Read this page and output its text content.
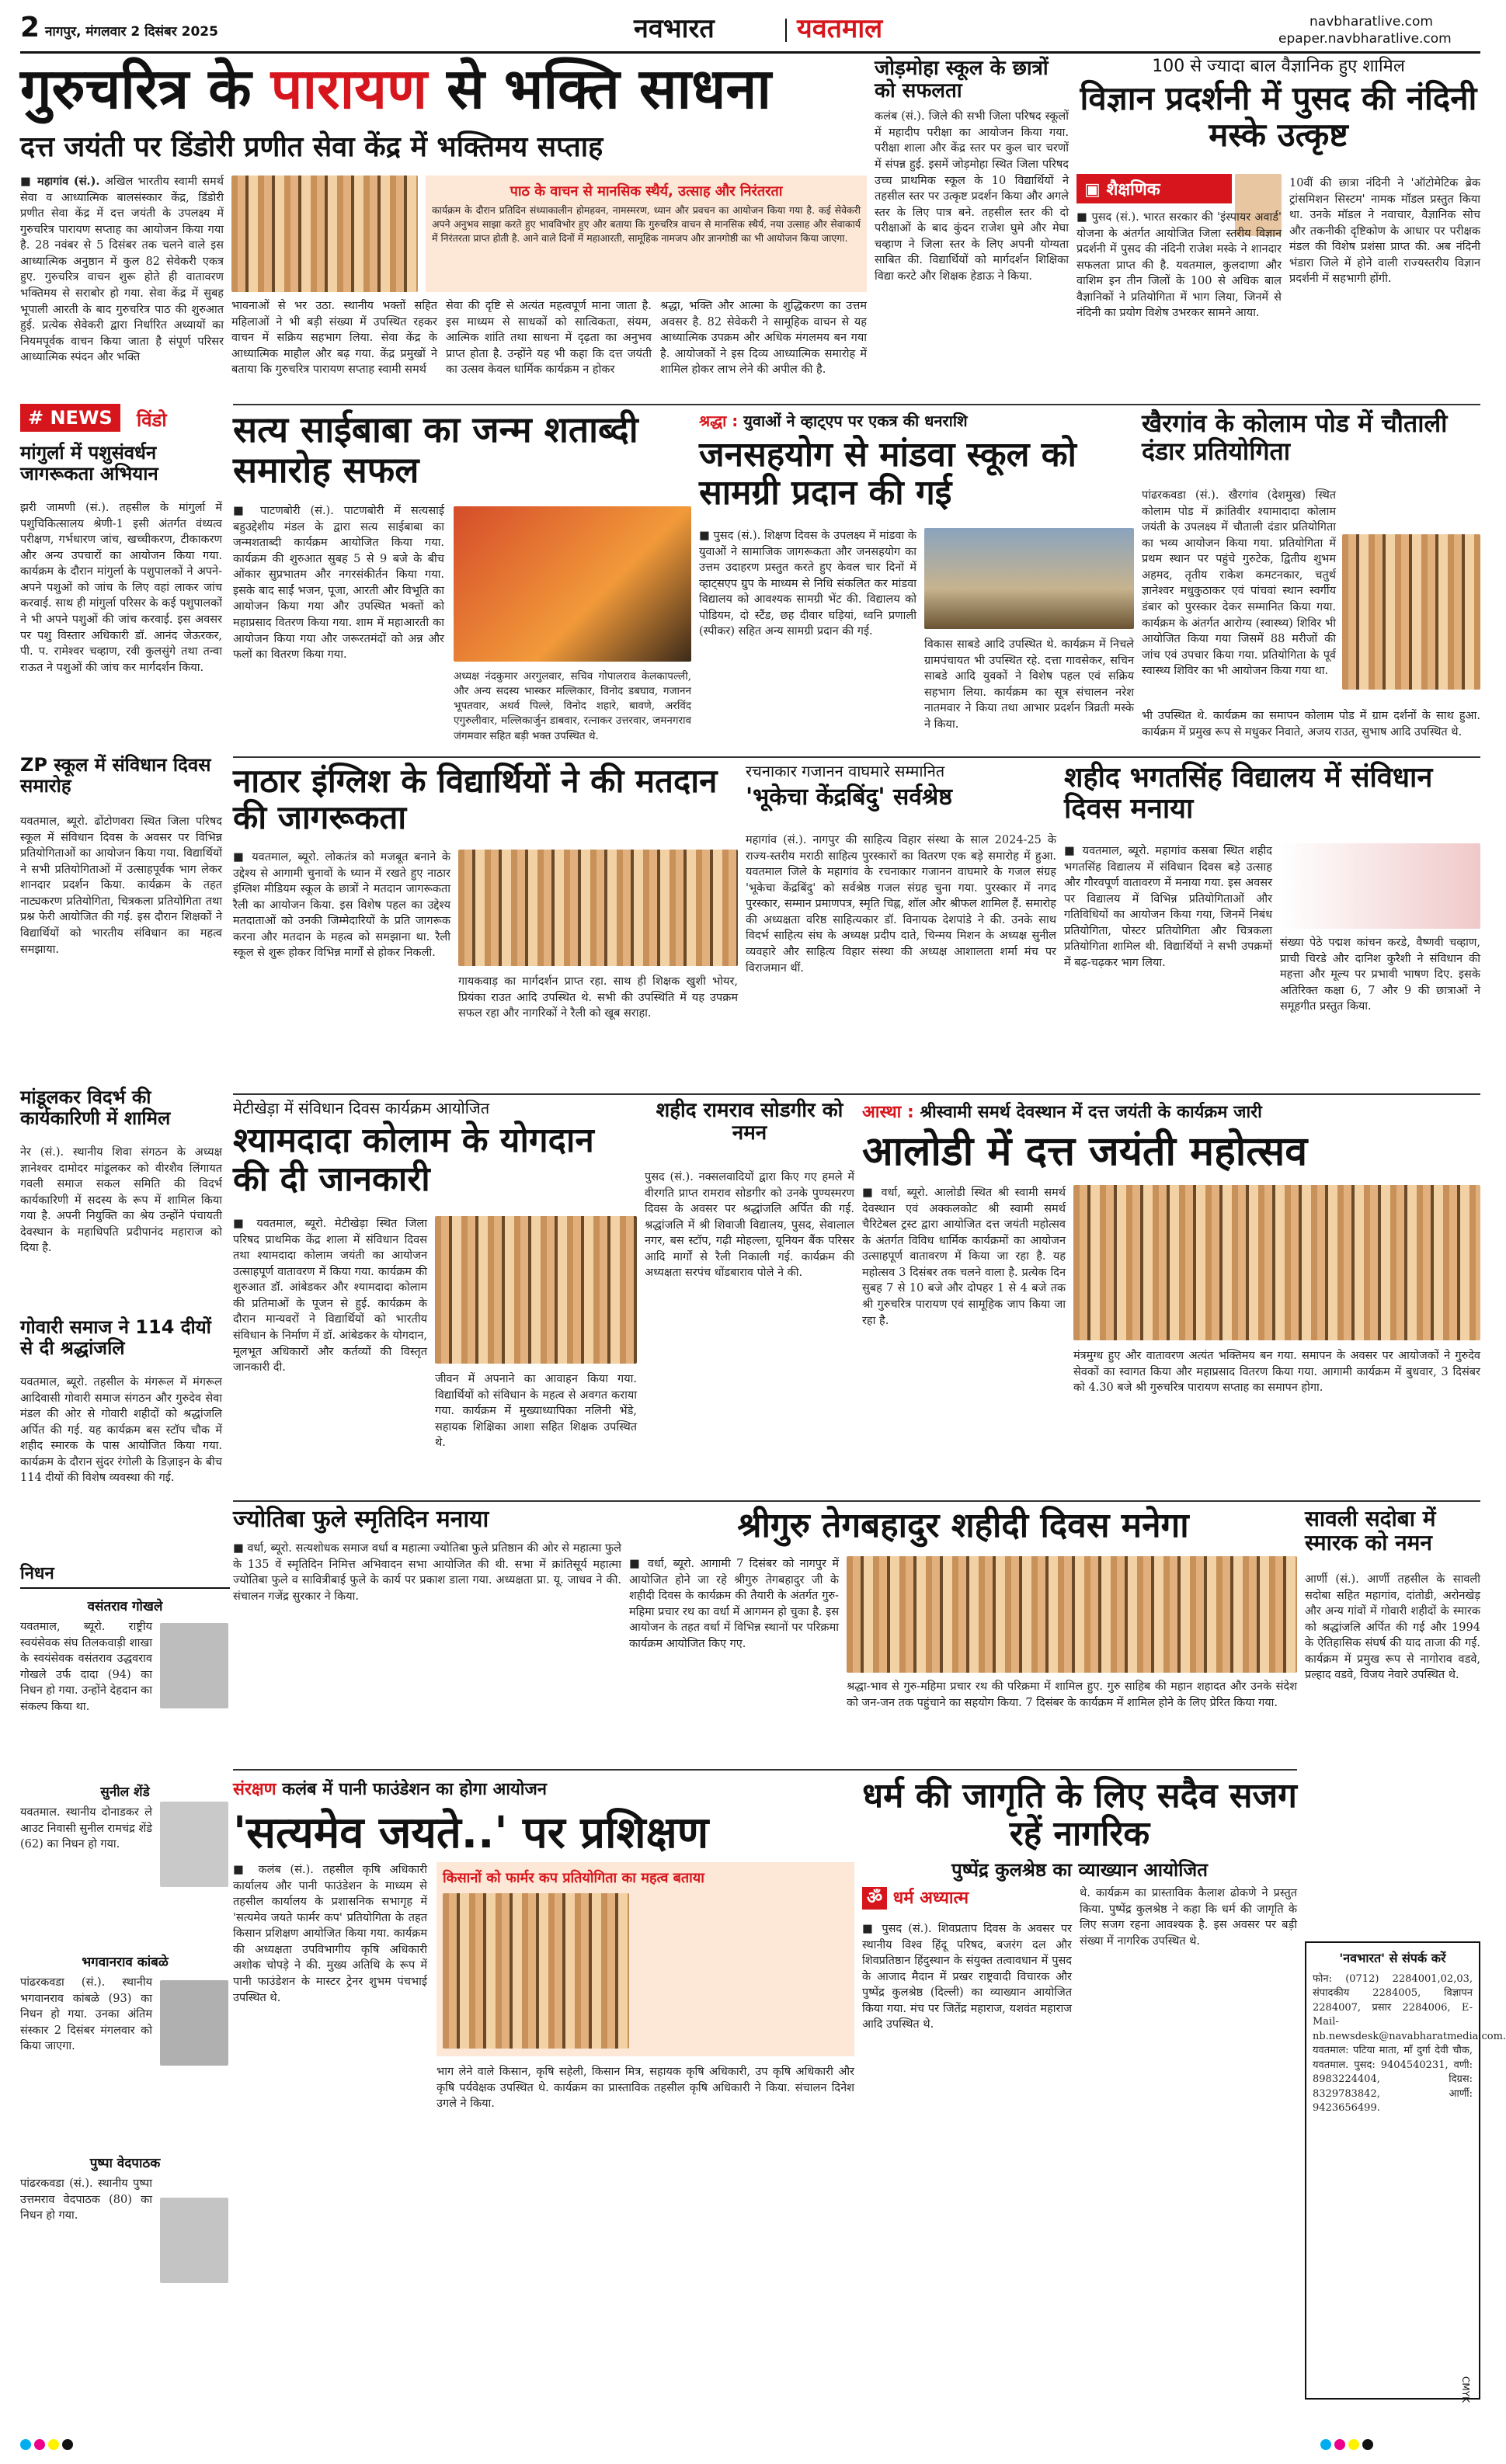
2 नागपुर, मंगलवार 2 दिसंबर 2025	नवभारत	यवतमाल	navbharatlive.com
epaper.navbharatlive.com
गुरुचरित्र के पारायण से भक्ति साधना
दत्त जयंती पर डिंडोरी प्रणीत सेवा केंद्र में भक्तिमय सप्ताह
■ महागांव (सं.). अखिल भारतीय स्वामी समर्थ सेवा व आध्यात्मिक बालसंस्कार केंद्र, डिंडोरी प्रणीत सेवा केंद्र में दत्त जयंती के उपलक्ष्य में गुरुचरित्र पारायण सप्ताह का आयोजन किया गया है. 28 नवंबर से 5 दिसंबर तक चलने वाले इस आध्यात्मिक अनुष्ठान में कुल 82 सेवेकरी एकत्र हुए. गुरुचरित्र वाचन शुरू होते ही वातावरण भक्तिमय से सराबोर हो गया. सेवा केंद्र में सुबह भूपाली आरती के बाद गुरुचरित्र पाठ की शुरुआत हुई. प्रत्येक सेवेकरी द्वारा निर्धारित अध्यायों का नियमपूर्वक वाचन किया जाता है संपूर्ण परिसर आध्यात्मिक स्पंदन और भक्ति
पाठ के वाचन से मानसिक स्थैर्य, उत्साह और निरंतरता
कार्यक्रम के दौरान प्रतिदिन संध्याकालीन होमहवन, नामस्मरण, ध्यान और प्रवचन का आयोजन किया गया है. कई सेवेकरी अपने अनुभव साझा करते हुए भावविभोर हुए और बताया कि गुरुचरित्र वाचन से मानसिक स्थैर्य, नया उत्साह और सेवाकार्य में निरंतरता प्राप्त होती है. आने वाले दिनों में महाआरती, सामूहिक नामजप और ज्ञानगोष्ठी का भी आयोजन किया जाएगा.
भावनाओं से भर उठा. स्थानीय भक्तों सहित महिलाओं ने भी बड़ी संख्या में उपस्थित रहकर वाचन में सक्रिय सहभाग लिया. सेवा केंद्र के आध्यात्मिक माहौल और बढ़ गया. केंद्र प्रमुखों ने बताया कि गुरुचरित्र पारायण सप्ताह स्वामी समर्थ
सेवा की दृष्टि से अत्यंत महत्वपूर्ण माना जाता है. इस माध्यम से साधकों को सात्विकता, संयम, आत्मिक शांति तथा साधना में दृढ़ता का अनुभव प्राप्त होता है. उन्होंने यह भी कहा कि दत्त जयंती का उत्सव केवल धार्मिक कार्यक्रम न होकर
श्रद्धा, भक्ति और आत्मा के शुद्धिकरण का उत्तम अवसर है. 82 सेवेकरी ने सामूहिक वाचन से यह आध्यात्मिक उपक्रम और अधिक मंगलमय बन गया है. आयोजकों ने इस दिव्य आध्यात्मिक समारोह में शामिल होकर लाभ लेने की अपील की है.
जोड़मोहा स्कूल के छात्रों को सफलता
कलंब (सं.). जिले की सभी जिला परिषद स्कूलों में महादीप परीक्षा का आयोजन किया गया. परीक्षा शाला और केंद्र स्तर पर कुल चार चरणों में संपन्न हुई. इसमें जोड़मोहा स्थित जिला परिषद उच्च प्राथमिक स्कूल के 10 विद्यार्थियों ने तहसील स्तर पर उत्कृष्ट प्रदर्शन किया और अगले स्तर के लिए पात्र बने. तहसील स्तर की दो परीक्षाओं के बाद कुंदन राजेश घुमे और मेघा चव्हाण ने जिला स्तर के लिए अपनी योग्यता साबित की. विद्यार्थियों को मार्गदर्शन शिक्षिका विद्या करटे और शिक्षक हेडाऊ ने किया.
100 से ज्यादा बाल वैज्ञानिक हुए शामिल
विज्ञान प्रदर्शनी में पुसद की नंदिनी मस्के उत्कृष्ट
▣ शैक्षणिक
■ पुसद (सं.). भारत सरकार की 'इंस्पायर अवार्ड' योजना के अंतर्गत आयोजित जिला स्तरीय विज्ञान प्रदर्शनी में पुसद की नंदिनी राजेश मस्के ने शानदार सफलता प्राप्त की है. यवतमाल, कुलदाणा और वाशिम इन तीन जिलों के 100 से अधिक बाल वैज्ञानिकों ने प्रतियोगिता में भाग लिया, जिनमें से नंदिनी का प्रयोग विशेष उभरकर सामने आया.
10वीं की छात्रा नंदिनी ने 'ऑटोमेटिक ब्रेक ट्रांसमिशन सिस्टम' नामक मॉडल प्रस्तुत किया था. उनके मॉडल ने नवाचार, वैज्ञानिक सोच और तकनीकी दृष्टिकोण के आधार पर परीक्षक मंडल की विशेष प्रशंसा प्राप्त की. अब नंदिनी भंडारा जिले में होने वाली राज्यस्तरीय विज्ञान प्रदर्शनी में सहभागी होंगी.
# NEWS	विंडो
मांगुर्ला में पशुसंवर्धन जागरूकता अभियान
झरी जामणी (सं.). तहसील के मांगुर्ला में पशुचिकित्सालय श्रेणी-1 इसी अंतर्गत वंध्यत्व परीक्षण, गर्भधारण जांच, खच्चीकरण, टीकाकरण और अन्य उपचारों का आयोजन किया गया. कार्यक्रम के दौरान मांगुर्ला के पशुपालकों ने अपने-अपने पशुओं को जांच के लिए वहां लाकर जांच करवाई. साथ ही मांगुर्ला परिसर के कई पशुपालकों ने भी अपने पशुओं की जांच करवाई. इस अवसर पर पशु विस्तार अधिकारी डॉ. आनंद जेऊरकर, पी. प. रामेश्वर चव्हाण, रवी कुलसुंगे तथा तन्वा राऊत ने पशुओं की जांच कर मार्गदर्शन किया.
ZP स्कूल में संविधान दिवस समारोह
यवतमाल, ब्यूरो. ढोंटोणवरा स्थित जिला परिषद स्कूल में संविधान दिवस के अवसर पर विभिन्न प्रतियोगिताओं का आयोजन किया गया. विद्यार्थियों ने सभी प्रतियोगिताओं में उत्साहपूर्वक भाग लेकर शानदार प्रदर्शन किया. कार्यक्रम के तहत नाट्यकरण प्रतियोगिता, चित्रकला प्रतियोगिता तथा प्रश्न फेरी आयोजित की गई. इस दौरान शिक्षकों ने विद्यार्थियों को भारतीय संविधान का महत्व समझाया.
मांडूलकर विदर्भ की कार्यकारिणी में शामिल
नेर (सं.). स्थानीय शिवा संगठन के अध्यक्ष ज्ञानेश्वर दामोदर मांडूलकर को वीरशैव लिंगायत गवली समाज सकल समिति की विदर्भ कार्यकारिणी में सदस्य के रूप में शामिल किया गया है. अपनी नियुक्ति का श्रेय उन्होंने पंचायती देवस्थान के महाधिपति प्रदीपानंद महाराज को दिया है.
गोवारी समाज ने 114 दीयों से दी श्रद्धांजलि
यवतमाल, ब्यूरो. तहसील के मंगरूल में मंगरूल आदिवासी गोवारी समाज संगठन और गुरुदेव सेवा मंडल की ओर से गोवारी शहीदों को श्रद्धांजलि अर्पित की गई. यह कार्यक्रम बस स्टॉप चौक में शहीद स्मारक के पास आयोजित किया गया. कार्यक्रम के दौरान सुंदर रंगोली के डिज़ाइन के बीच 114 दीयों की विशेष व्यवस्था की गई.
सत्य साईबाबा का जन्म शताब्दी समारोह सफल
■ पाटणबोरी (सं.). पाटणबोरी में सत्यसाई बहुउद्देशीय मंडल के द्वारा सत्य साईबाबा का जन्मशताब्दी कार्यक्रम आयोजित किया गया. कार्यक्रम की शुरुआत सुबह 5 से 9 बजे के बीच ओंकार सुप्रभातम और नगरसंकीर्तन किया गया. इसके बाद साईं भजन, पूजा, आरती और विभूति का आयोजन किया गया और उपस्थित भक्तों को महाप्रसाद वितरण किया गया. शाम में महाआरती का आयोजन किया गया और जरूरतमंदों को अन्न और फलों का वितरण किया गया.
अध्यक्ष नंदकुमार अरगुलवार, सचिव गोपालराव केलकापल्ली, और अन्य सदस्य भास्कर मल्लिकार, विनोद डबघाव, गजानन भूपतवार, अथर्व पिल्ले, विनोद शहारे, बावणे, अरविंद एगुरुलीवार, मल्लिकार्जुन डाबवार, रत्नाकर उत्तरवार, जमनगराव जंगमवार सहित बड़ी भक्त उपस्थित थे.
श्रद्धा : युवाओं ने व्हाट्एप पर एकत्र की धनराशि
जनसहयोग से मांडवा स्कूल को सामग्री प्रदान की गई
■ पुसद (सं.). शिक्षण दिवस के उपलक्ष्य में मांडवा के युवाओं ने सामाजिक जागरूकता और जनसहयोग का उत्तम उदाहरण प्रस्तुत करते हुए केवल चार दिनों में व्हाट्सएप ग्रुप के माध्यम से निधि संकलित कर मांडवा विद्यालय को आवश्यक सामग्री भेंट की. विद्यालय को पोडियम, दो स्टैंड, छह दीवार घड़ियां, ध्वनि प्रणाली (स्पीकर) सहित अन्य सामग्री प्रदान की गई.
विकास साबडे आदि उपस्थित थे. कार्यक्रम में निचले ग्रामपंचायत भी उपस्थित रहे. दत्ता गावसेकर, सचिन साबडे आदि युवकों ने विशेष पहल एवं सक्रिय सहभाग लिया. कार्यक्रम का सूत्र संचालन नरेश नातमवार ने किया तथा आभार प्रदर्शन त्रिव्रती मस्के ने किया.
खैरगांव के कोलाम पोड में चौताली दंडार प्रतियोगिता
पांढरकवडा (सं.). खैरगांव (देशमुख) स्थित कोलाम पोड में क्रांतिवीर श्यामादादा कोलाम जयंती के उपलक्ष्य में चौताली दंडार प्रतियोगिता का भव्य आयोजन किया गया. प्रतियोगिता में प्रथम स्थान पर पहुंचे गुरुटेक, द्वितीय शुभम अहमद, तृतीय राकेश कमटनकार, चतुर्थ ज्ञानेश्वर मधुकुठाकर एवं पांचवां स्थान स्वर्गीय डंबार को पुरस्कार देकर सम्मानित किया गया. कार्यक्रम के अंतर्गत आरोग्य (स्वास्थ्य) शिविर भी आयोजित किया गया जिसमें 88 मरीजों की जांच एवं उपचार किया गया. प्रतियोगिता के पूर्व स्वास्थ्य शिविर का भी आयोजन किया गया था.
भी उपस्थित थे. कार्यक्रम का समापन कोलाम पोड में ग्राम दर्शनों के साथ हुआ. कार्यक्रम में प्रमुख रूप से मधुकर निवाते, अजय राउत, सुभाष आदि उपस्थित थे.
नाठार इंग्लिश के विद्यार्थियों ने की मतदान की जागरूकता
■ यवतमाल, ब्यूरो. लोकतंत्र को मजबूत बनाने के उद्देश्य से आगामी चुनावों के ध्यान में रखते हुए नाठार इंग्लिश मीडियम स्कूल के छात्रों ने मतदान जागरूकता रैली का आयोजन किया. इस विशेष पहल का उद्देश्य मतदाताओं को उनकी जिम्मेदारियों के प्रति जागरूक करना और मतदान के महत्व को समझाना था. रैली स्कूल से शुरू होकर विभिन्न मार्गों से होकर निकली.
गायकवाड़ का मार्गदर्शन प्राप्त रहा. साथ ही शिक्षक खुशी भोयर, प्रियंका राउत आदि उपस्थित थे. सभी की उपस्थिति में यह उपक्रम सफल रहा और नागरिकों ने रैली को खूब सराहा.
रचनाकार गजानन वाघमारे सम्मानित
'भूकेचा केंद्रबिंदु' सर्वश्रेष्ठ
महागांव (सं.). नागपुर की साहित्य विहार संस्था के साल 2024-25 के राज्य-स्तरीय मराठी साहित्य पुरस्कारों का वितरण एक बड़े समारोह में हुआ. यवतमाल जिले के महागांव के रचनाकार गजानन वाघमारे के गजल संग्रह 'भूकेचा केंद्रबिंदु' को सर्वश्रेष्ठ गजल संग्रह चुना गया. पुरस्कार में नगद पुरस्कार, सम्मान प्रमाणपत्र, स्मृति चिह्न, शॉल और श्रीफल शामिल हैं. समारोह की अध्यक्षता वरिष्ठ साहित्यकार डॉ. विनायक देशपांडे ने की. उनके साथ विदर्भ साहित्य संघ के अध्यक्ष प्रदीप दाते, चिन्मय मिशन के अध्यक्ष सुनील व्यवहारे और साहित्य विहार संस्था की अध्यक्ष आशालता शर्मा मंच पर विराजमान थीं.
शहीद भगतसिंह विद्यालय में संविधान दिवस मनाया
■ यवतमाल, ब्यूरो. महागांव कसबा स्थित शहीद भगतसिंह विद्यालय में संविधान दिवस बड़े उत्साह और गौरवपूर्ण वातावरण में मनाया गया. इस अवसर पर विद्यालय में विभिन्न प्रतियोगिताओं और गतिविधियों का आयोजन किया गया, जिनमें निबंध प्रतियोगिता, पोस्टर प्रतियोगिता और चित्रकला प्रतियोगिता शामिल थी. विद्यार्थियों ने सभी उपक्रमों में बढ़-चढ़कर भाग लिया.
संख्या पेठे पद्मश कांचन करडे, वैष्णवी चव्हाण, प्राची चिरडे और दानिश कुरैशी ने संविधान की महत्ता और मूल्य पर प्रभावी भाषण दिए. इसके अतिरिक्त कक्षा 6, 7 और 9 की छात्राओं ने समूहगीत प्रस्तुत किया.
मेटीखेड़ा में संविधान दिवस कार्यक्रम आयोजित
श्यामदादा कोलाम के योगदान की दी जानकारी
■ यवतमाल, ब्यूरो. मेटीखेड़ा स्थित जिला परिषद प्राथमिक केंद्र शाला में संविधान दिवस तथा श्यामदादा कोलाम जयंती का आयोजन उत्साहपूर्ण वातावरण में किया गया. कार्यक्रम की शुरुआत डॉ. आंबेडकर और श्यामदादा कोलाम की प्रतिमाओं के पूजन से हुई. कार्यक्रम के दौरान मान्यवरों ने विद्यार्थियों को भारतीय संविधान के निर्माण में डॉ. आंबेडकर के योगदान, मूलभूत अधिकारों और कर्तव्यों की विस्तृत जानकारी दी.
जीवन में अपनाने का आवाहन किया गया. विद्यार्थियों को संविधान के महत्व से अवगत कराया गया. कार्यक्रम में मुख्याध्यापिका नलिनी भेंडे, सहायक शिक्षिका आशा सहित शिक्षक उपस्थित थे.
शहीद रामराव सोडगीर को नमन
पुसद (सं.). नक्सलवादियों द्वारा किए गए हमले में वीरगति प्राप्त रामराव सोडगीर को उनके पुण्यस्मरण दिवस के अवसर पर श्रद्धांजलि अर्पित की गई. श्रद्धांजलि में श्री शिवाजी विद्यालय, पुसद, सेवालाल नगर, बस स्टॉप, गढ़ी मोहल्ला, यूनियन बैंक परिसर आदि मार्गों से रैली निकाली गई. कार्यक्रम की अध्यक्षता सरपंच धोंडबाराव पोले ने की.
आस्था : श्रीस्वामी समर्थ देवस्थान में दत्त जयंती के कार्यक्रम जारी
आलोडी में दत्त जयंती महोत्सव
■ वर्धा, ब्यूरो. आलोडी स्थित श्री स्वामी समर्थ देवस्थान एवं अक्कलकोट श्री स्वामी समर्थ चैरिटेबल ट्रस्ट द्वारा आयोजित दत्त जयंती महोत्सव के अंतर्गत विविध धार्मिक कार्यक्रमों का आयोजन उत्साहपूर्ण वातावरण में किया जा रहा है. यह महोत्सव 3 दिसंबर तक चलने वाला है. प्रत्येक दिन सुबह 7 से 10 बजे और दोपहर 1 से 4 बजे तक श्री गुरुचरित्र पारायण एवं सामूहिक जाप किया जा रहा है.
मंत्रमुग्ध हुए और वातावरण अत्यंत भक्तिमय बन गया. समापन के अवसर पर आयोजकों ने गुरुदेव सेवकों का स्वागत किया और महाप्रसाद वितरण किया गया. आगामी कार्यक्रम में बुधवार, 3 दिसंबर को 4.30 बजे श्री गुरुचरित्र पारायण सप्ताह का समापन होगा.
ज्योतिबा फुले स्मृतिदिन मनाया
■ वर्धा, ब्यूरो. सत्यशोधक समाज वर्धा व महात्मा ज्योतिबा फुले प्रतिष्ठान की ओर से महात्मा फुले के 135 वें स्मृतिदिन निमित्त अभिवादन सभा आयोजित की थी. सभा में क्रांतिसूर्य महात्मा ज्योतिबा फुले व सावित्रीबाई फुले के कार्य पर प्रकाश डाला गया. अध्यक्षता प्रा. यू. जाधव ने की. संचालन गजेंद्र सुरकार ने किया.
निधन
वसंतराव गोखले
यवतमाल, ब्यूरो. राष्ट्रीय स्वयंसेवक संघ तिलकवाड़ी शाखा के स्वयंसेवक वसंतराव उद्धवराव गोखले उर्फ दादा (94) का निधन हो गया. उन्होंने देहदान का संकल्प किया था.
सुनील शेंडे
यवतमाल. स्थानीय दोनाडकर ले आउट निवासी सुनील रामचंद्र शेंडे (62) का निधन हो गया.
भगवानराव कांबळे
पांढरकवडा (सं.). स्थानीय भगवानराव कांबळे (93) का निधन हो गया. उनका अंतिम संस्कार 2 दिसंबर मंगलवार को किया जाएगा.
पुष्पा वेदपाठक
पांढरकवडा (सं.). स्थानीय पुष्पा उत्तमराव वेदपाठक (80) का निधन हो गया.
श्रीगुरु तेगबहादुर शहीदी दिवस मनेगा
■ वर्धा, ब्यूरो. आगामी 7 दिसंबर को नागपुर में आयोजित होने जा रहे श्रीगुरु तेगबहादुर जी के शहीदी दिवस के कार्यक्रम की तैयारी के अंतर्गत गुरु-महिमा प्रचार रथ का वर्धा में आगमन हो चुका है. इस आयोजन के तहत वर्धा में विभिन्न स्थानों पर परिक्रमा कार्यक्रम आयोजित किए गए.
श्रद्धा-भाव से गुरु-महिमा प्रचार रथ की परिक्रमा में शामिल हुए. गुरु साहिब की महान शहादत और उनके संदेश को जन-जन तक पहुंचाने का सहयोग किया. 7 दिसंबर के कार्यक्रम में शामिल होने के लिए प्रेरित किया गया.
सावली सदोबा में स्मारक को नमन
आर्णी (सं.). आर्णी तहसील के सावली सदोबा सहित महागांव, दांतोडी, अरोनखेड़ और अन्य गांवों में गोवारी शहीदों के स्मारक को श्रद्धांजलि अर्पित की गई और 1994 के ऐतिहासिक संघर्ष की याद ताजा की गई. कार्यक्रम में प्रमुख रूप से नागोराव वडवे, प्रल्हाद वडवे, विजय नेवारे उपस्थित थे.
संरक्षण कलंब में पानी फाउंडेशन का होगा आयोजन
'सत्यमेव जयते..' पर प्रशिक्षण
■ कलंब (सं.). तहसील कृषि अधिकारी कार्यालय और पानी फाउंडेशन के माध्यम से तहसील कार्यालय के प्रशासनिक सभागृह में 'सत्यमेव जयते फार्मर कप' प्रतियोगिता के तहत किसान प्रशिक्षण आयोजित किया गया. कार्यक्रम की अध्यक्षता उपविभागीय कृषि अधिकारी अशोक चोपड़े ने की. मुख्य अतिथि के रूप में पानी फाउंडेशन के मास्टर ट्रेनर शुभम पंचभाई उपस्थित थे.
किसानों को फार्मर कप प्रतियोगिता का महत्व बताया
भाग लेने वाले किसान, कृषि सहेली, किसान मित्र, सहायक कृषि अधिकारी, उप कृषि अधिकारी और कृषि पर्यवेक्षक उपस्थित थे. कार्यक्रम का प्रास्ताविक तहसील कृषि अधिकारी ने किया. संचालन दिनेश उगले ने किया.
धर्म की जागृति के लिए सदैव सजग रहें नागरिक
पुष्पेंद्र कुलश्रेष्ठ का व्याख्यान आयोजित
ॐ धर्म अध्यात्म
■ पुसद (सं.). शिवप्रताप दिवस के अवसर पर स्थानीय विश्व हिंदू परिषद, बजरंग दल और शिवप्रतिष्ठान हिंदुस्थान के संयुक्त तत्वावधान में पुसद के आजाद मैदान में प्रखर राष्ट्रवादी विचारक और पुष्पेंद्र कुलश्रेष्ठ (दिल्ली) का व्याख्यान आयोजित किया गया. मंच पर जितेंद्र महाराज, यशवंत महाराज आदि उपस्थित थे.
थे. कार्यक्रम का प्रास्ताविक कैलाश ढोकणे ने प्रस्तुत किया. पुष्पेंद्र कुलश्रेष्ठ ने कहा कि धर्म की जागृति के लिए सजग रहना आवश्यक है. इस अवसर पर बड़ी संख्या में नागरिक उपस्थित थे.
'नवभारत' से संपर्क करें
फोन: (0712) 2284001,02,03, संपादकीय 2284005, विज्ञापन 2284007, प्रसार 2284006, E-Mail-nb.newsdesk@navabharatmedia.com. यवतमाल: पटिया माता, माँ दुर्गा देवी चौक, यवतमाल. पुसद: 9404540231, वणी: 8983224404, दिग्रस: 8329783842, आर्णी: 9423656499.
CMYK
